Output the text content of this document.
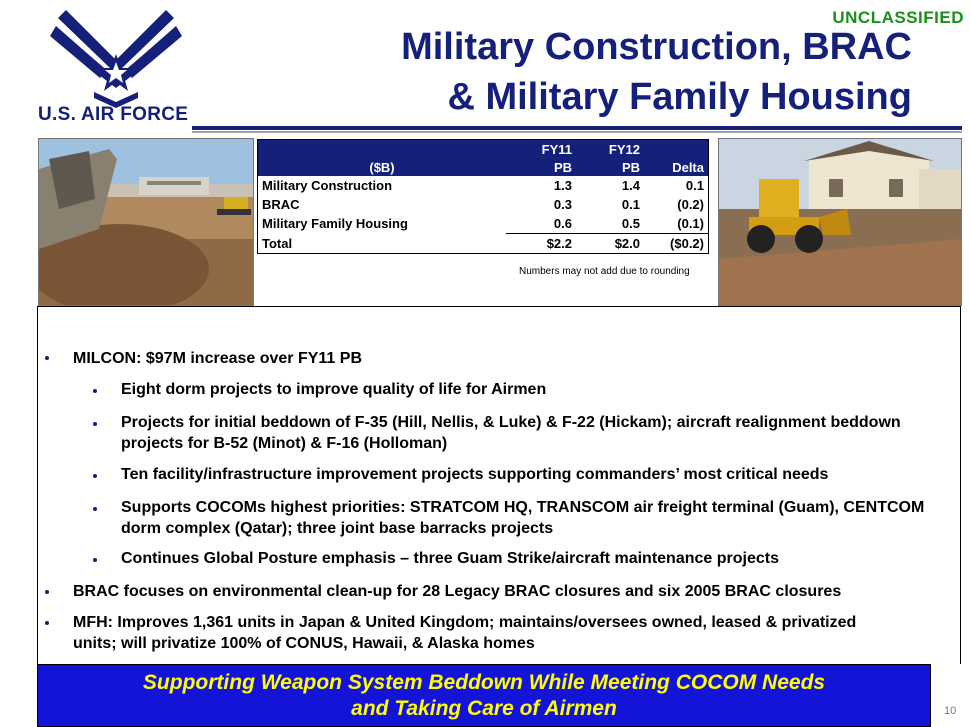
UNCLASSIFIED
U.S. AIR FORCE
Military Construction, BRAC
& Military Family Housing
	FY11	FY12	
($B)	PB	PB	Delta
Military Construction	1.3	1.4	0.1
BRAC	0.3	0.1	(0.2)
Military Family Housing	0.6	0.5	(0.1)
Total	$2.2	$2.0	($0.2)
Numbers may not add due to rounding
MILCON: $97M increase over FY11 PB
Eight dorm projects to improve quality of life for Airmen
Projects for initial beddown of F-35 (Hill, Nellis, & Luke) & F-22 (Hickam); aircraft realignment beddown projects for B-52 (Minot) & F-16 (Holloman)
Ten facility/infrastructure improvement projects supporting commanders’ most critical needs
Supports COCOMs highest priorities: STRATCOM HQ, TRANSCOM air freight terminal (Guam), CENTCOM dorm complex (Qatar); three joint base barracks projects
Continues Global Posture emphasis – three Guam Strike/aircraft maintenance projects
BRAC focuses on environmental clean-up for 28 Legacy BRAC closures and six 2005 BRAC closures
MFH: Improves 1,361 units in Japan & United Kingdom; maintains/oversees owned, leased & privatized units; will privatize 100% of CONUS, Hawaii, & Alaska homes
Supporting Weapon System Beddown While Meeting COCOM Needs
and Taking Care of Airmen	10
